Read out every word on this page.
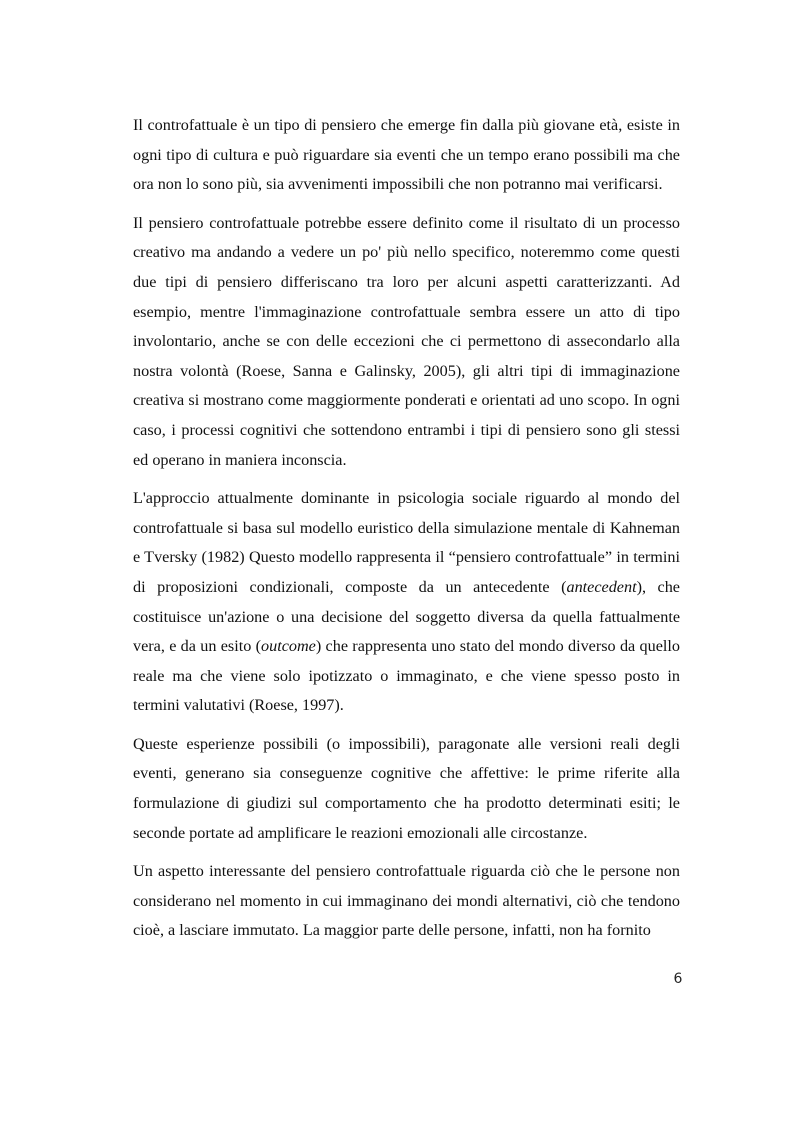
Il controfattuale è un tipo di pensiero che emerge fin dalla più giovane età, esiste in ogni tipo di cultura e può riguardare sia eventi che un tempo erano possibili ma che ora non lo sono più, sia avvenimenti impossibili che non potranno mai verificarsi.

Il pensiero controfattuale potrebbe essere definito come il risultato di un processo creativo ma andando a vedere un po' più nello specifico, noteremmo come questi due tipi di pensiero differiscano tra loro per alcuni aspetti caratterizzanti. Ad esempio, mentre l'immaginazione controfattuale sembra essere un atto di tipo involontario, anche se con delle eccezioni che ci permettono di assecondarlo alla nostra volontà (Roese, Sanna e Galinsky, 2005), gli altri tipi di immaginazione creativa si mostrano come maggiormente ponderati e orientati ad uno scopo. In ogni caso, i processi cognitivi che sottendono entrambi i tipi di pensiero sono gli stessi ed operano in maniera inconscia.

L'approccio attualmente dominante in psicologia sociale riguardo al mondo del controfattuale si basa sul modello euristico della simulazione mentale di Kahneman e Tversky (1982) Questo modello rappresenta il “pensiero controfattuale” in termini di proposizioni condizionali, composte da un antecedente (antecedent), che costituisce un'azione o una decisione del soggetto diversa da quella fattualmente vera, e da un esito (outcome) che rappresenta uno stato del mondo diverso da quello reale ma che viene solo ipotizzato o immaginato, e che viene spesso posto in termini valutativi (Roese, 1997).

Queste esperienze possibili (o impossibili), paragonate alle versioni reali degli eventi, generano sia conseguenze cognitive che affettive: le prime riferite alla formulazione di giudizi sul comportamento che ha prodotto determinati esiti; le seconde portate ad amplificare le reazioni emozionali alle circostanze.

Un aspetto interessante del pensiero controfattuale riguarda ciò che le persone non considerano nel momento in cui immaginano dei mondi alternativi, ciò che tendono cioè, a lasciare immutato. La maggior parte delle persone, infatti, non ha fornito

6
